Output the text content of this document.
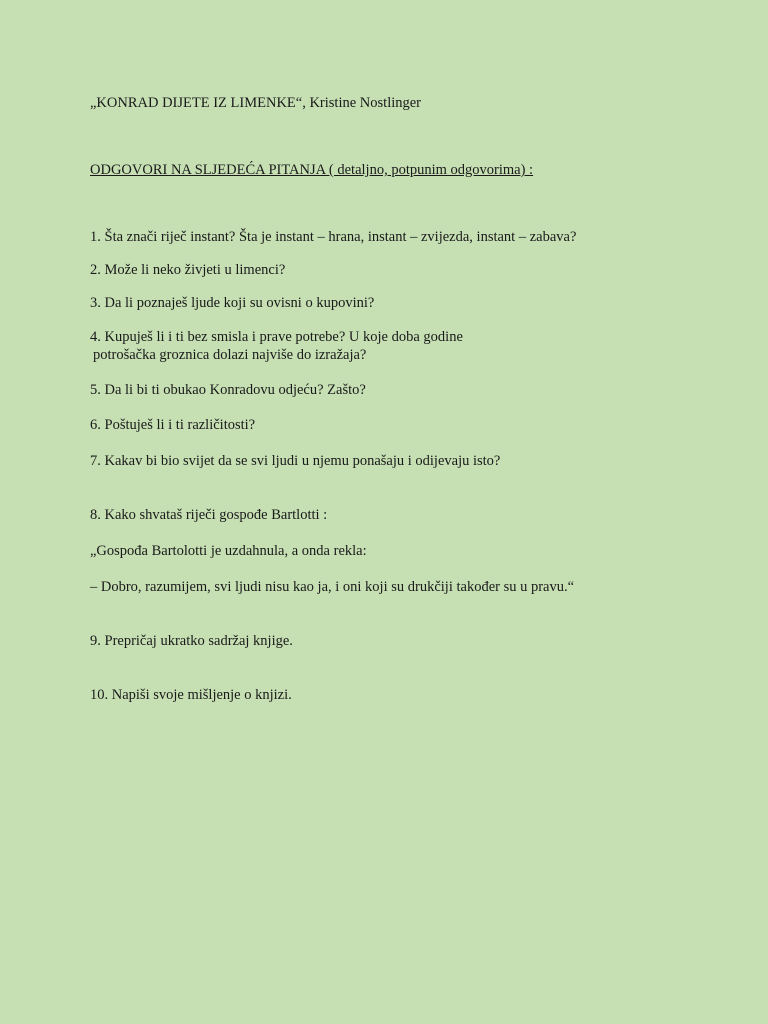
„KONRAD DIJETE IZ LIMENKE“, Kristine Nostlinger
ODGOVORI NA SLJEDEĆA PITANJA ( detaljno, potpunim odgovorima) :
1. Šta znači riječ instant? Šta je instant – hrana, instant – zvijezda, instant – zabava?
2. Može li neko živjeti u limenci?
3. Da li poznaješ ljude koji su ovisni o kupovini?
4. Kupuješ li i ti bez smisla i prave potrebe? U koje doba godine
potrošačka groznica dolazi najviše do izražaja?
5. Da li bi ti obukao Konradovu odjeću? Zašto?
6. Poštuješ li i ti različitosti?
7. Kakav bi bio svijet da se svi ljudi u njemu ponašaju i odijevaju isto?
8. Kako shvataš riječi gospođe Bartlotti :
„Gospođa Bartolotti je uzdahnula, a onda rekla:
‒ Dobro, razumijem, svi ljudi nisu kao ja, i oni koji su drukčiji također su u pravu.“
9. Prepričaj ukratko sadržaj knjige.
10. Napiši svoje mišljenje o knjizi.
